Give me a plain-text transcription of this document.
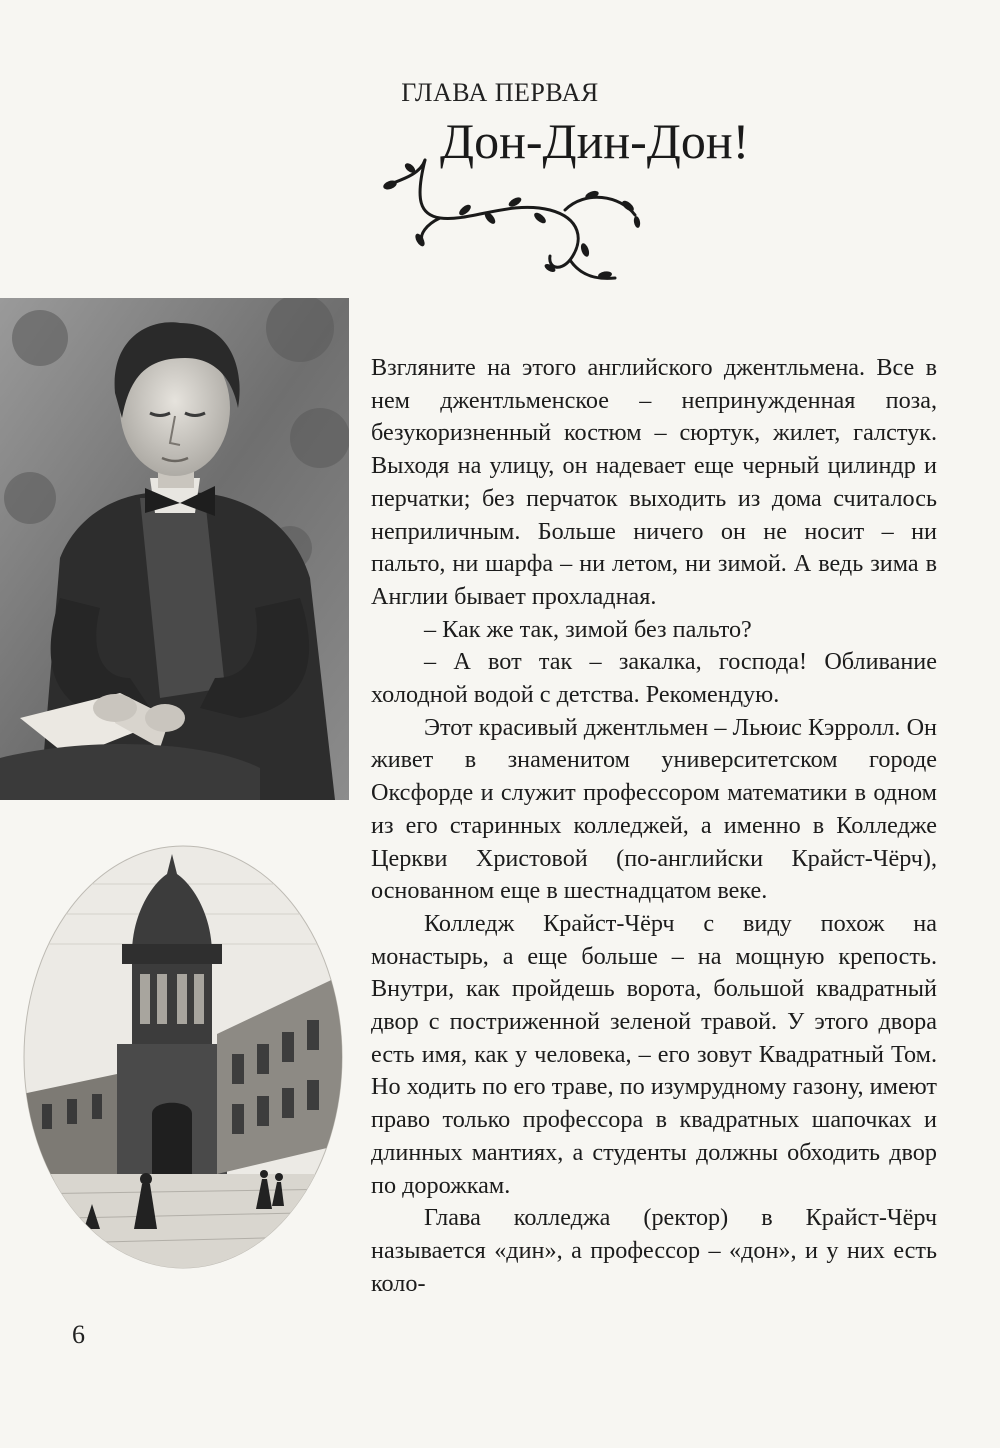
ГЛАВА ПЕРВАЯ
Дон-Дин-Дон!

Взгляните на этого английского джентльмена. Все в нем джентльменское – непринужденная поза, безукоризненный костюм – сюртук, жилет, галстук. Выходя на улицу, он надевает еще черный цилиндр и перчатки; без перчаток выходить из дома считалось неприличным. Больше ничего он не носит – ни пальто, ни шарфа – ни летом, ни зимой. А ведь зима в Англии бывает прохладная.

– Как же так, зимой без пальто?

– А вот так – закалка, господа! Обливание холодной водой с детства. Рекомендую.

Этот красивый джентльмен – Льюис Кэрролл. Он живет в знаменитом университетском городе Оксфорде и служит профессором математики в одном из его старинных колледжей, а именно в Колледже Церкви Христовой (по-английски Крайст-Чёрч), основанном еще в шестнадцатом веке.

Колледж Крайст-Чёрч с виду похож на монастырь, а еще больше – на мощную крепость. Внутри, как пройдешь ворота, большой квадратный двор с постриженной зеленой травой. У этого двора есть имя, как у человека, – его зовут Квадратный Том. Но ходить по его траве, по изумрудному газону, имеют право только профессора в квадратных шапочках и длинных мантиях, а студенты должны обходить двор по дорожкам.

Глава колледжа (ректор) в Крайст-Чёрч называется «дин», а профессор – «дон», и у них есть коло-

6
